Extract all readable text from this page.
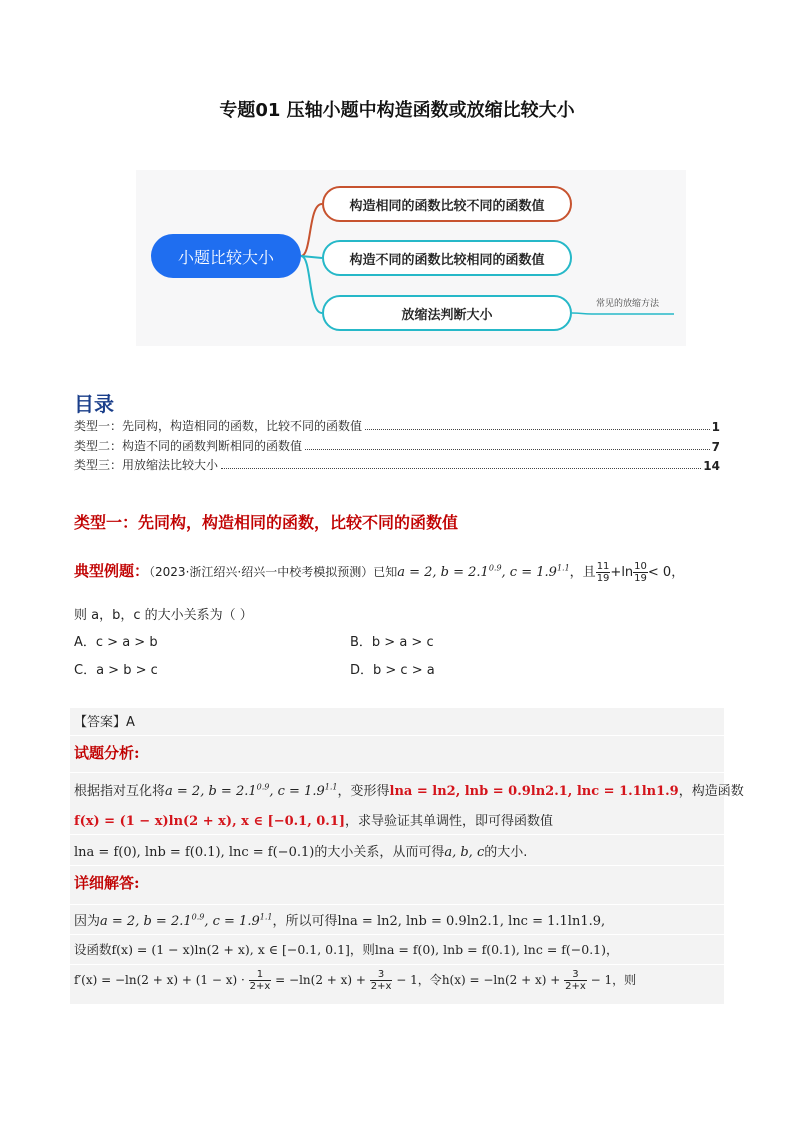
专题01 压轴小题中构造函数或放缩比较大小
小题比较大小
构造相同的函数比较不同的函数值
构造不同的函数比较相同的函数值
放缩法判断大小
常见的放缩方法
目录
类型一：先同构，构造相同的函数，比较不同的函数值	1
类型二：构造不同的函数判断相同的函数值	7
类型三：用放缩法比较大小	14
类型一：先同构，构造相同的函数，比较不同的函数值
典型例题：（2023·浙江绍兴·绍兴一中校考模拟预测）已知a = 2, $b = 2.1^{0.9}$, $c = 1.9^{1.1}$，且 $\frac{11}{19} +\ln \frac{10}{19} < 0$，
则 a，b，c 的大小关系为（ ）
A．c > a > b	B．b > a > c
C．a > b > c	D．b > c > a
【答案】A
试题分析:
根据指对互化将a = 2, $b = 2.1^{0.9}$, $c = 1.9^{1.1}$，变形得lna = ln2, lnb = 0.9ln2.1, lnc = 1.1ln1.9，构造函数
f(x) = (1 − x)ln(2 + x), x ∈ [−0.1, 0.1]，求导验证其单调性，即可得函数值
lna = f(0), lnb = f(0.1), lnc = f(−0.1)的大小关系，从而可得a, b, c的大小.
详细解答:
因为a = 2, $b = 2.1^{0.9}$, $c = 1.9^{1.1}$，所以可得lna = ln2, lnb = 0.9ln2.1, lnc = 1.1ln1.9,
设函数f(x) = (1 − x)ln(2 + x), x ∈ [−0.1, 0.1]，则lna = f(0), lnb = f(0.1), lnc = f(−0.1)，
$f'(x) = -\ln(2 + x) + (1 - x) \cdot \frac{1}{2+x} = -\ln(2 + x) + \frac{3}{2+x} - 1$，令$h(x) = -\ln(2 + x) + \frac{3}{2+x} - 1$，则
